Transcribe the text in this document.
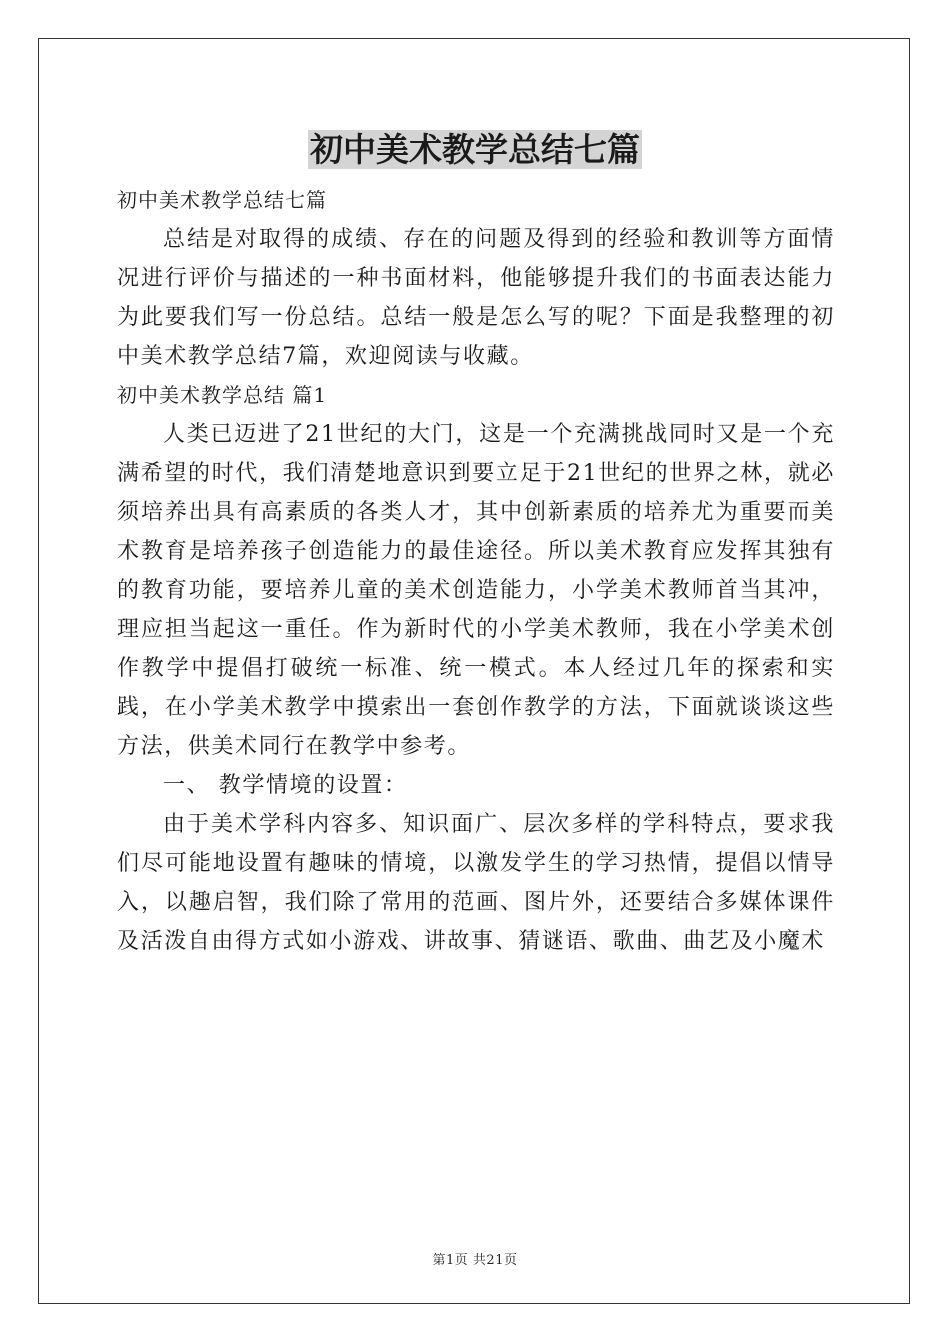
初中美术教学总结七篇

初中美术教学总结七篇

总结是对取得的成绩、存在的问题及得到的经验和教训等方面情况进行评价与描述的一种书面材料，他能够提升我们的书面表达能力为此要我们写一份总结。总结一般是怎么写的呢？下面是我整理的初中美术教学总结7篇，欢迎阅读与收藏。

初中美术教学总结 篇1

人类已迈进了21世纪的大门，这是一个充满挑战同时又是一个充满希望的时代，我们清楚地意识到要立足于21世纪的世界之林，就必须培养出具有高素质的各类人才，其中创新素质的培养尤为重要而美术教育是培养孩子创造能力的最佳途径。所以美术教育应发挥其独有的教育功能，要培养儿童的美术创造能力，小学美术教师首当其冲，理应担当起这一重任。作为新时代的小学美术教师，我在小学美术创作教学中提倡打破统一标准、统一模式。本人经过几年的探索和实践，在小学美术教学中摸索出一套创作教学的方法，下面就谈谈这些方法，供美术同行在教学中参考。

一、 教学情境的设置：

由于美术学科内容多、知识面广、层次多样的学科特点，要求我们尽可能地设置有趣味的情境，以激发学生的学习热情，提倡以情导入，以趣启智，我们除了常用的范画、图片外，还要结合多媒体课件及活泼自由得方式如小游戏、讲故事、猜谜语、歌曲、曲艺及小魔术

第1页 共21页
